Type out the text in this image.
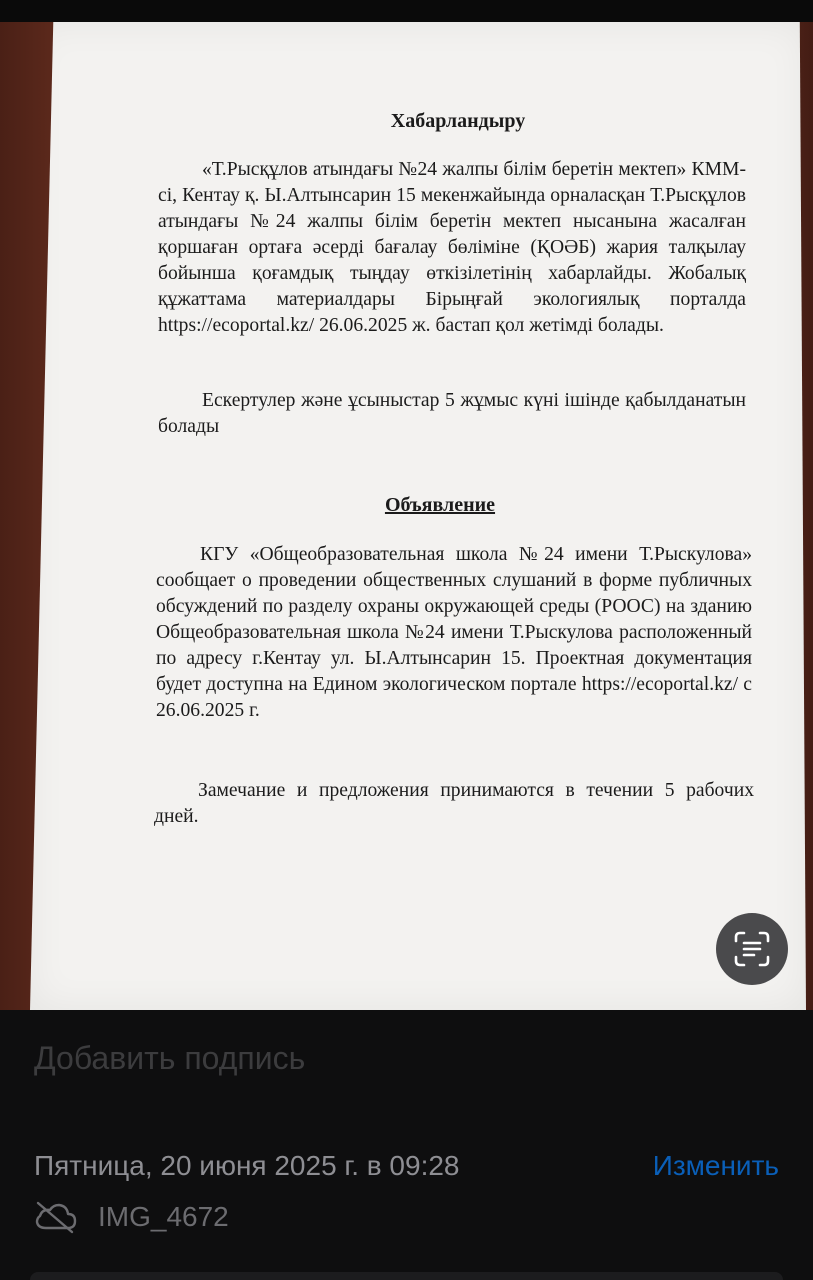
Хабарландыру

«Т.Рысқұлов атындағы №24 жалпы білім беретін мектеп» КММ-сі, Кентау қ. Ы.Алтынсарин 15 мекенжайында орналасқан Т.Рысқұлов атындағы №24 жалпы білім беретін мектеп нысанына жасалған қоршаған ортаға әсерді бағалау бөліміне (ҚОӘБ) жария талқылау бойынша қоғамдық тыңдау өткізілетінің хабарлайды. Жобалық құжаттама материалдары Бірыңғай экологиялық порталда https://ecoportal.kz/ 26.06.2025 ж. бастап қол жетімді болады.

Ескертулер және ұсыныстар 5 жұмыс күні ішінде қабылданатын болады

Объявление

КГУ «Общеобразовательная школа №24 имени Т.Рыскулова» сообщает о проведении общественных слушаний в форме публичных обсуждений по разделу охраны окружающей среды (РООС) на зданию Общеобразовательная школа №24 имени Т.Рыскулова расположенный по адресу г.Кентау ул. Ы.Алтынсарин 15. Проектная документация будет доступна на Едином экологическом портале https://ecoportal.kz/ с 26.06.2025 г.

Замечание и предложения принимаются в течении 5 рабочих дней.

Добавить подпись
Пятница, 20 июня 2025 г. в 09:28	Изменить
IMG_4672
